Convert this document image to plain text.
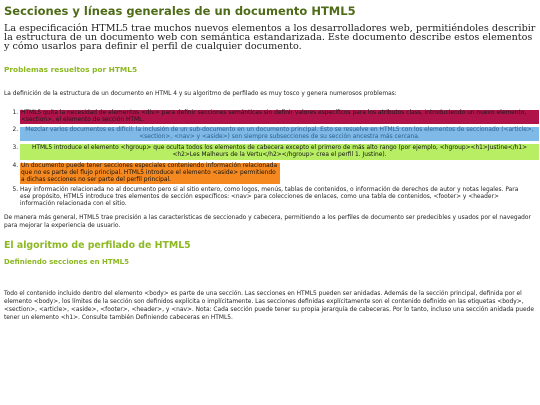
Secciones y líneas generales de un documento HTML5

La especificación HTML5 trae muchos nuevos elementos a los desarrolladores web, permitiéndoles describir la estructura de un documento web con semántica estandarizada. Este documento describe estos elementos y cómo usarlos para definir el perfil de cualquier documento.

Problemas resueltos por HTML5

La definición de la estructura de un documento en HTML 4 y su algoritmo de perfilado es muy tosco y genera numerosos problemas:

1. HTML5 quita la necesidad de elementos <div> para definir secciones semánticas sin definir valores específicos para los atributos class, introduciendo un nuevo elemento, <section>, el elemento de sección HTML.
2. Mezclar varios documentos es difícil: la inclusión de un sub-documento en un documento principal. Esto se resuelve en HTML5 con los elementos de seccionado (<article>, <section>, <nav> y <aside>) son siempre subsecciones de su sección ancestra más cercana.
3. HTML5 introduce el elemento <hgroup> que oculta todos los elementos de cabecera excepto el primero de más alto rango (por ejemplo, <hgroup><h1>Justine</h1><h2>Les Malheurs de la Vertu</h2></hgroup> crea el perfil 1. Justine).
4. Un documento puede tener secciones especiales conteniendo información relacionada que no es parte del flujo principal. HTML5 introduce el elemento <aside> permitiendo a dichas secciones no ser parte del perfil principal.
5. Hay información relacionada no al documento pero si al sitio entero, como logos, menús, tablas de contenidos, o información de derechos de autor y notas legales. Para ese propósito, HTML5 introduce tres elementos de sección específicos: <nav> para colecciones de enlaces, como una tabla de contenidos, <footer> y <header> información relacionada con el sitio.

De manera más general, HTML5 trae precisión a las características de seccionado y cabecera, permitiendo a los perfiles de documento ser predecibles y usados por el navegador para mejorar la experiencia de usuario.

El algoritmo de perfilado de HTML5
Definiendo secciones en HTML5

Todo el contenido incluido dentro del elemento <body> es parte de una sección. Las secciones en HTML5 pueden ser anidadas. Además de la sección principal, definida por el elemento <body>, los límites de la sección son definidos explícita o implícitamente. Las secciones definidas explícitamente son el contenido definido en las etiquetas <body>, <section>, <article>, <aside>, <footer>, <header>, y <nav>. Nota: Cada sección puede tener su propia jerarquía de cabeceras. Por lo tanto, incluso una sección anidada puede tener un elemento <h1>. Consulte también Definiendo cabeceras en HTML5.
